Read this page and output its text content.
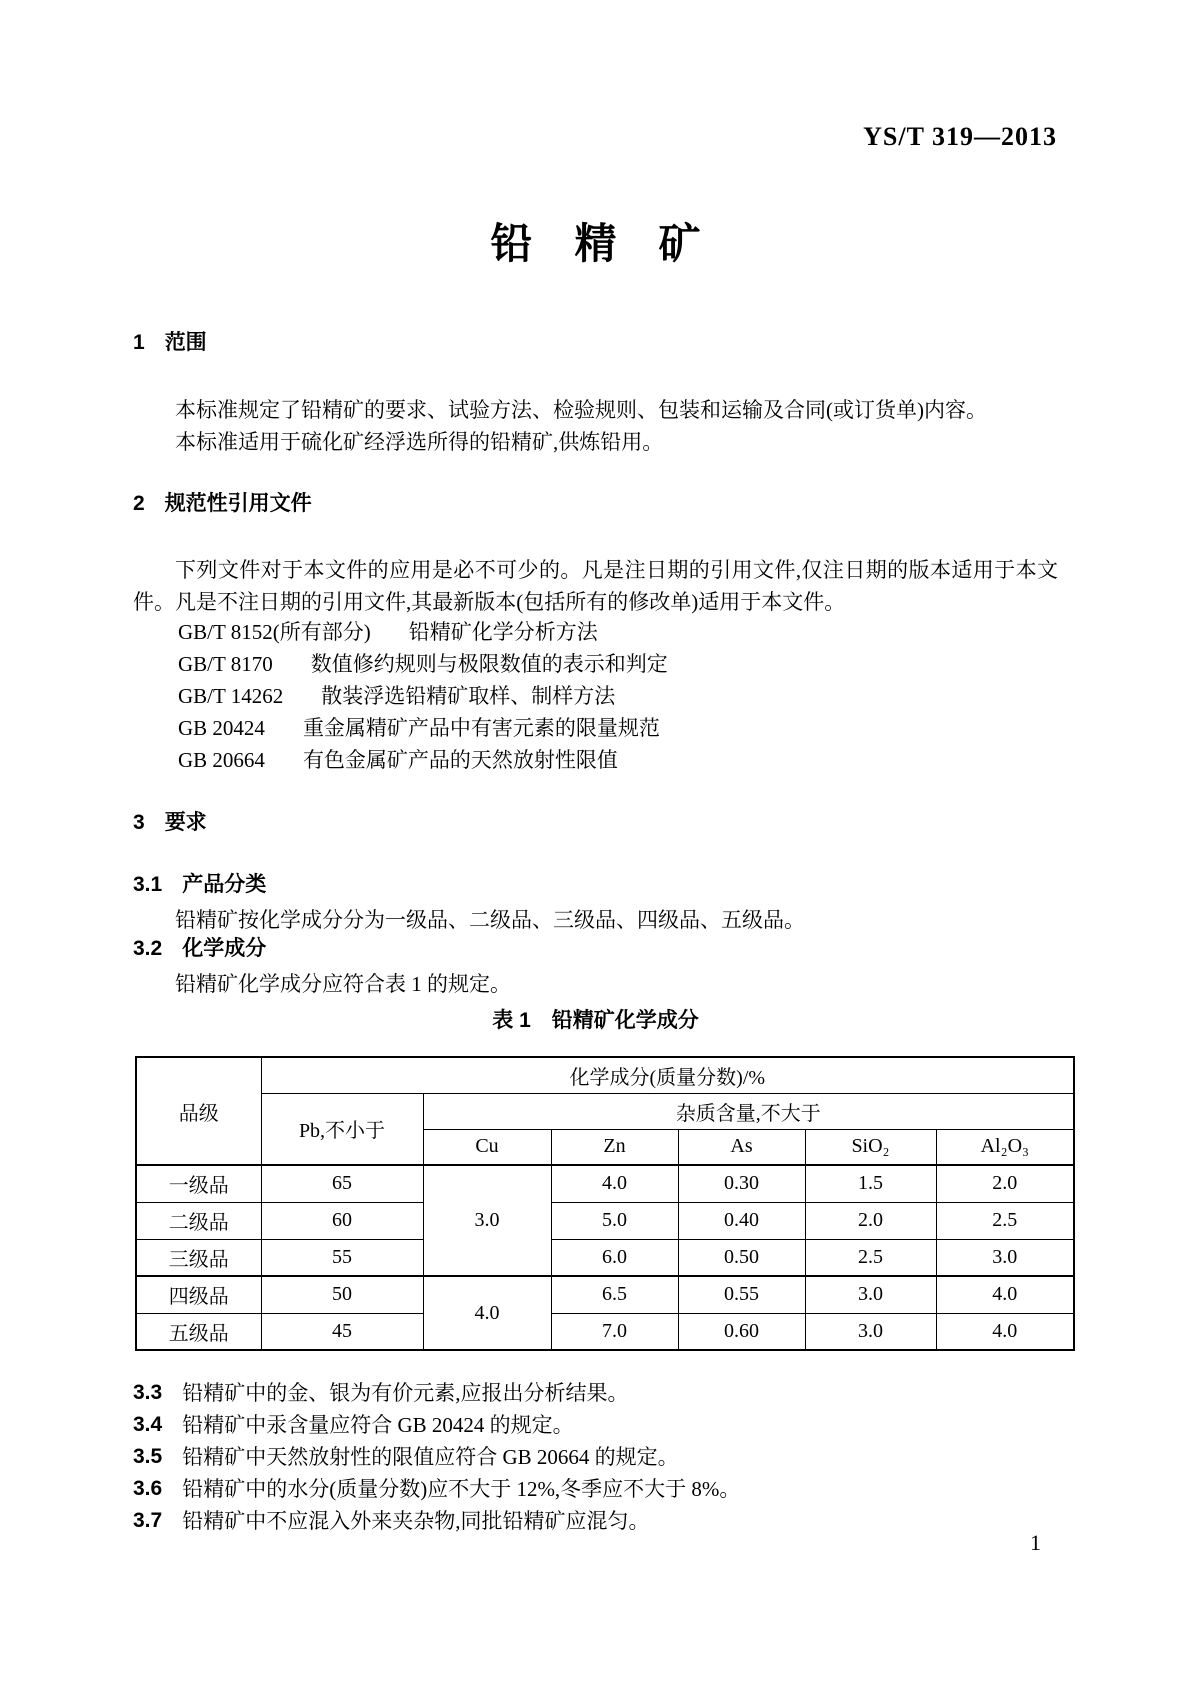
YS/T 319—2013
铅　精　矿
1 范围
本标准规定了铅精矿的要求、试验方法、检验规则、包装和运输及合同(或订货单)内容。
本标准适用于硫化矿经浮选所得的铅精矿,供炼铅用。
2 规范性引用文件
下列文件对于本文件的应用是必不可少的。凡是注日期的引用文件,仅注日期的版本适用于本文件。凡是不注日期的引用文件,其最新版本(包括所有的修改单)适用于本文件。
GB/T 8152(所有部分) 铅精矿化学分析方法
GB/T 8170 数值修约规则与极限数值的表示和判定
GB/T 14262 散装浮选铅精矿取样、制样方法
GB 20424 重金属精矿产品中有害元素的限量规范
GB 20664 有色金属矿产品的天然放射性限值
3 要求
3.1 产品分类
铅精矿按化学成分分为一级品、二级品、三级品、四级品、五级品。
3.2 化学成分
铅精矿化学成分应符合表 1 的规定。
表 1　铅精矿化学成分
品级	化学成分(质量分数)/%					
	Pb,不小于	杂质含量,不大于				
		Cu	Zn	As	SiO₂	Al₂O₃
一级品	65	3.0	4.0	0.30	1.5	2.0
二级品	60		5.0	0.40	2.0	2.5
三级品	55		6.0	0.50	2.5	3.0
四级品	50	4.0	6.5	0.55	3.0	4.0
五级品	45		7.0	0.60	3.0	4.0
3.3 铅精矿中的金、银为有价元素,应报出分析结果。
3.4 铅精矿中汞含量应符合 GB 20424 的规定。
3.5 铅精矿中天然放射性的限值应符合 GB 20664 的规定。
3.6 铅精矿中的水分(质量分数)应不大于 12%,冬季应不大于 8%。
3.7 铅精矿中不应混入外来夹杂物,同批铅精矿应混匀。
1
